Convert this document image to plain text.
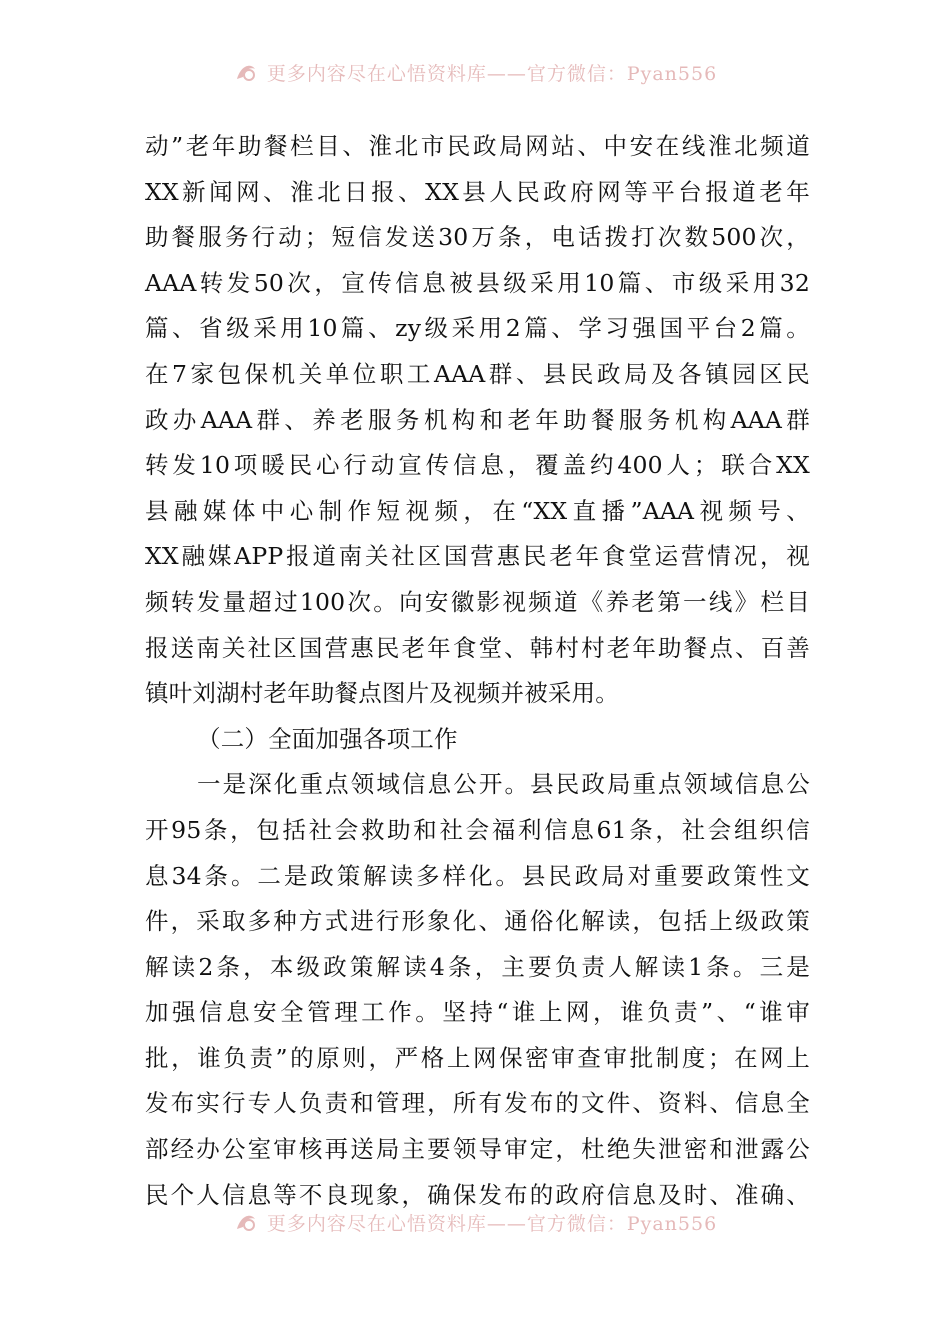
更多内容尽在心悟资料库——官方微信：Pyan556
动”老年助餐栏目、淮北市民政局网站、中安在线淮北频道
XX新闻网、淮北日报、XX县人民政府网等平台报道老年
助餐服务行动；短信发送30万条，电话拨打次数500次，
AAA转发50次，宣传信息被县级采用10篇、市级采用32
篇、省级采用10篇、zy级采用2篇、学习强国平台2篇。
在7家包保机关单位职工AAA群、县民政局及各镇园区民
政办AAA群、养老服务机构和老年助餐服务机构AAA群
转发10项暖民心行动宣传信息，覆盖约400人；联合XX
县融媒体中心制作短视频，在“XX直播”AAA视频号、
XX融媒APP报道南关社区国营惠民老年食堂运营情况，视
频转发量超过100次。向安徽影视频道《养老第一线》栏目
报送南关社区国营惠民老年食堂、韩村村老年助餐点、百善
镇叶刘湖村老年助餐点图片及视频并被采用。
（二）全面加强各项工作
一是深化重点领域信息公开。县民政局重点领域信息公
开95条，包括社会救助和社会福利信息61条，社会组织信
息34条。二是政策解读多样化。县民政局对重要政策性文
件，采取多种方式进行形象化、通俗化解读，包括上级政策
解读2条，本级政策解读4条，主要负责人解读1条。三是
加强信息安全管理工作。坚持“谁上网，谁负责”、“谁审
批，谁负责”的原则，严格上网保密审查审批制度；在网上
发布实行专人负责和管理，所有发布的文件、资料、信息全
部经办公室审核再送局主要领导审定，杜绝失泄密和泄露公
民个人信息等不良现象，确保发布的政府信息及时、准确、
更多内容尽在心悟资料库——官方微信：Pyan556
